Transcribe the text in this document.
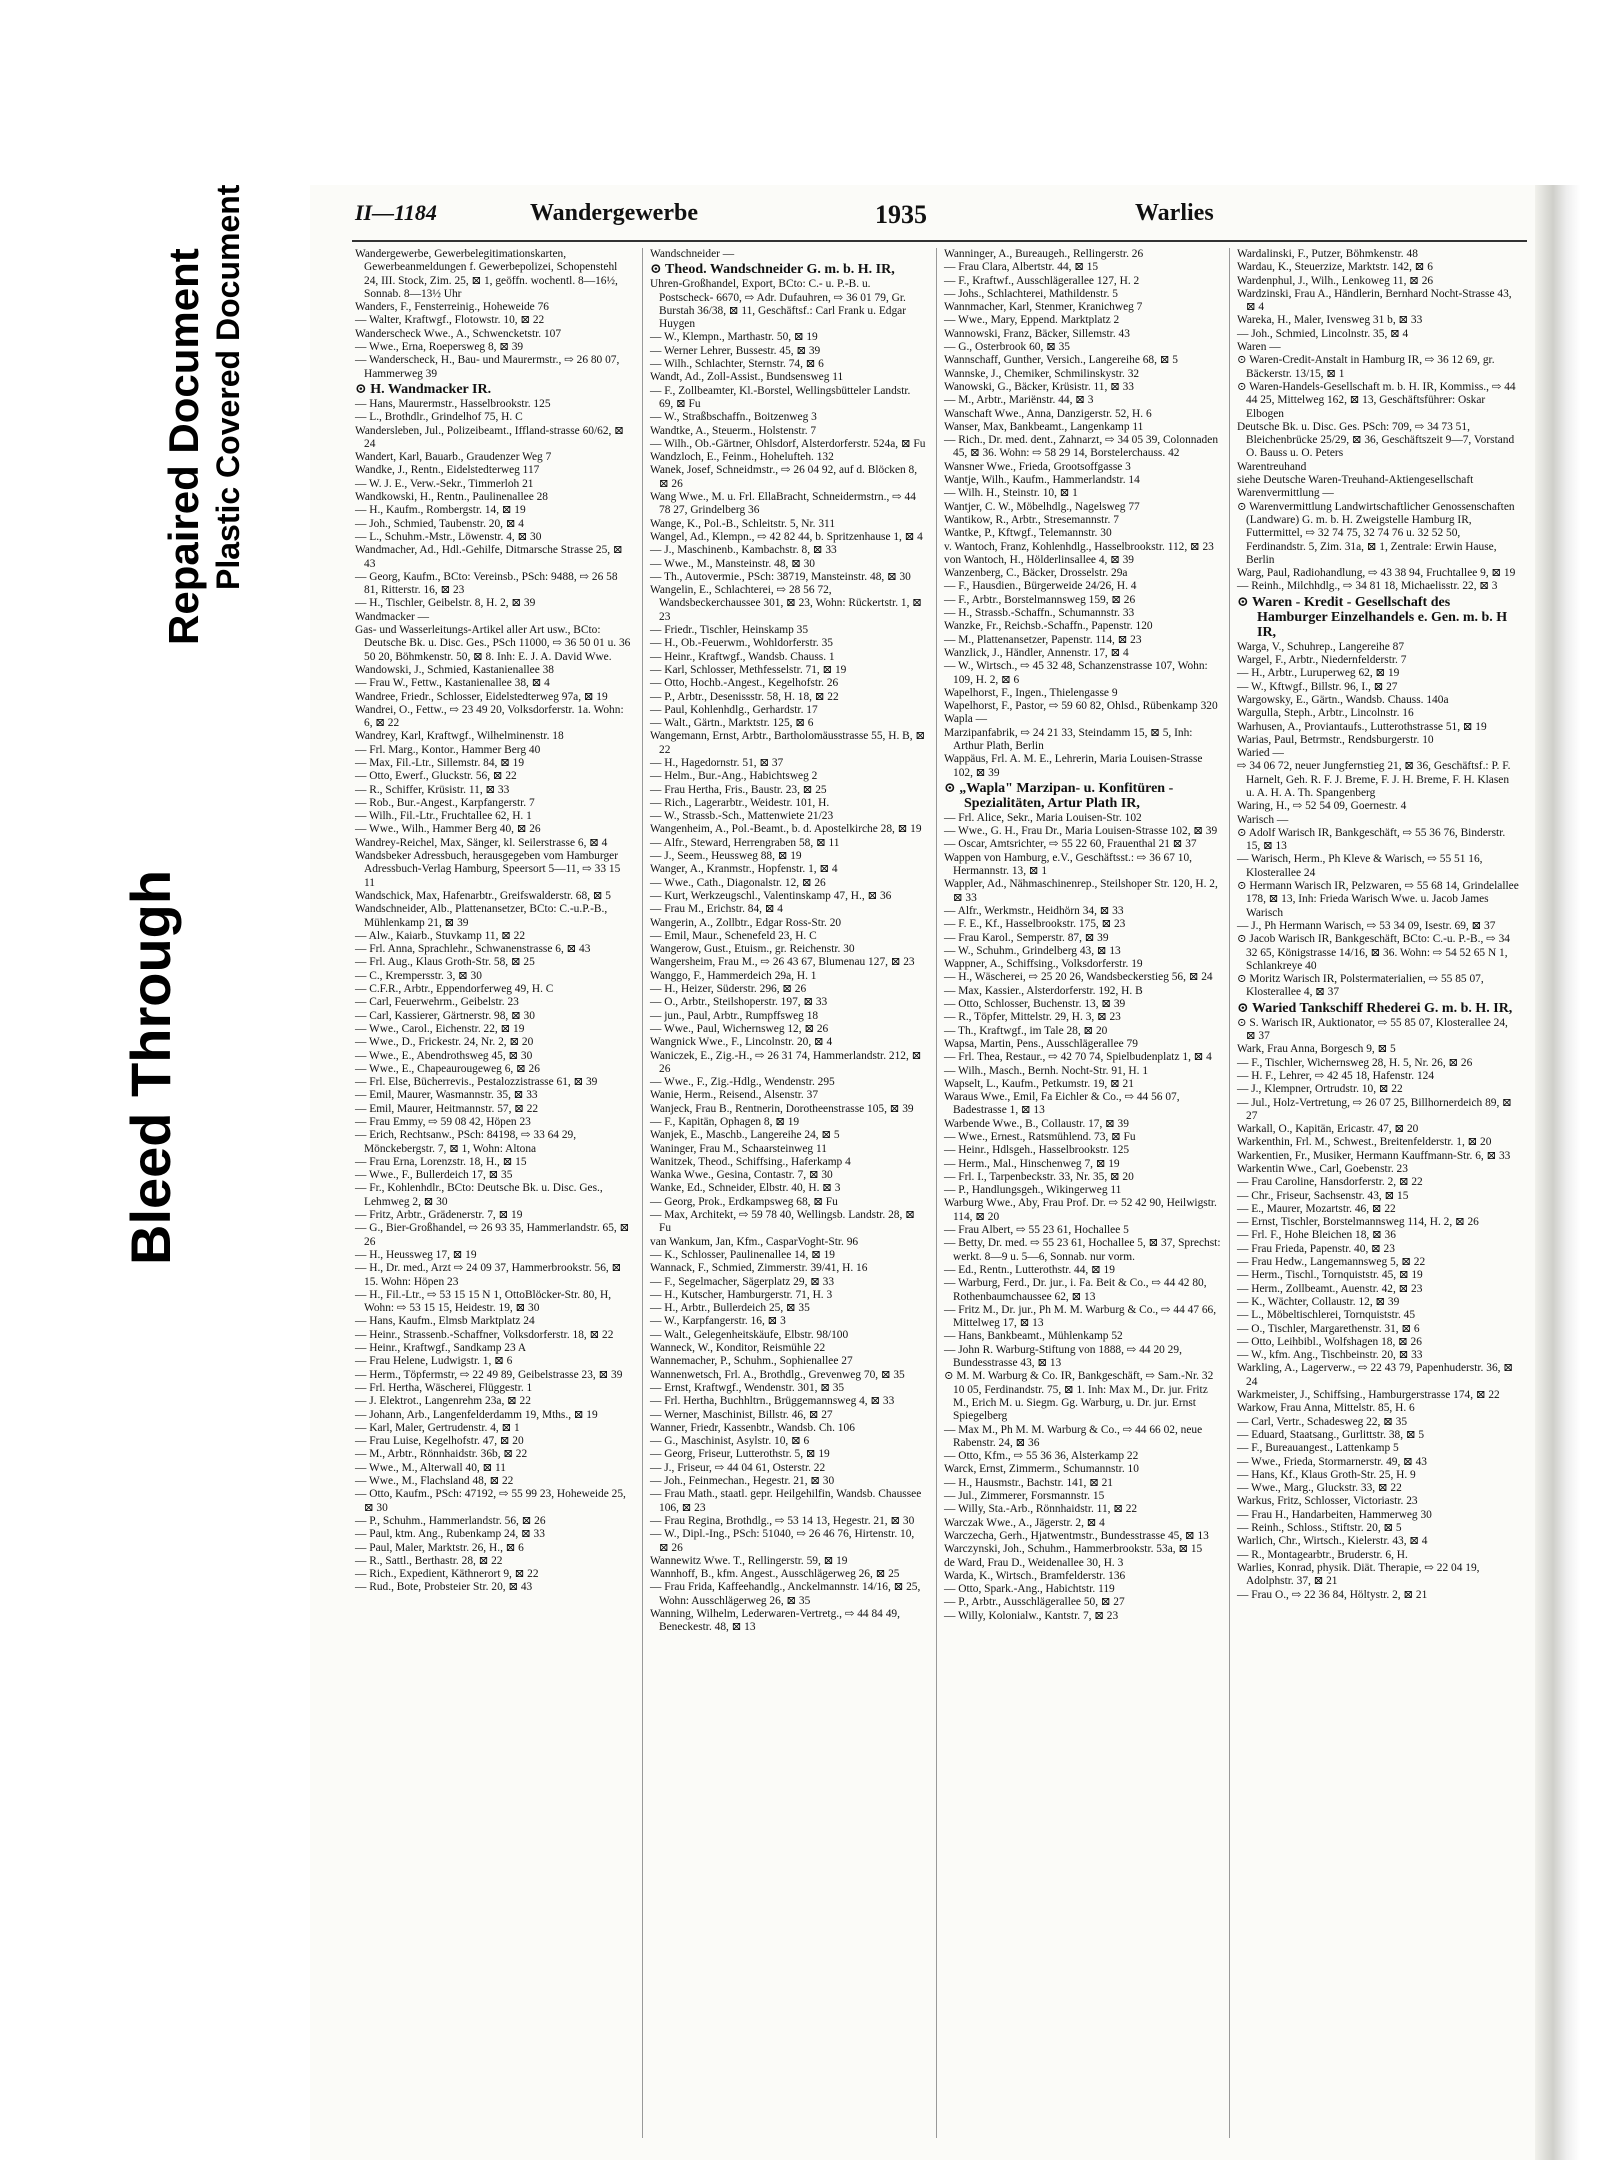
Bleed Through
Repaired Document Plastic Covered Document	II—1184	Wandergewerbe	1935	Warlies

Wandergewerbe, Gewerbelegitimationskarten, Gewerbeanmeldungen f. Gewerbepolizei, Schopenstehl 24, III. Stock, Zim. 25, ⊠ 1, geöffn. wochentl. 8—16½, Sonnab. 8—13½ Uhr

Wanders, F., Fensterreinig., Hoheweide 76

— Walter, Kraftwgf., Flotowstr. 10, ⊠ 22

Wanderscheck Wwe., A., Schwencketstr. 107

— Wwe., Erna, Roepersweg 8, ⊠ 39

— Wanderscheck, H., Bau- und Maurermstr., ⇨ 26 80 07, Hammerweg 39

⊙ H. Wandmacker IR.

— Hans, Maurermstr., Hasselbrookstr. 125

— L., Brothdlr., Grindelhof 75, H. C

Wandersleben, Jul., Polizeibeamt., Iffland-strasse 60/62, ⊠ 24

Wandert, Karl, Bauarb., Graudenzer Weg 7

Wandke, J., Rentn., Eidelstedterweg 117

— W. J. E., Verw.-Sekr., Timmerloh 21

Wandkowski, H., Rentn., Paulinenallee 28

— H., Kaufm., Rombergstr. 14, ⊠ 19

— Joh., Schmied, Taubenstr. 20, ⊠ 4

— L., Schuhm.-Mstr., Löwenstr. 4, ⊠ 30

Wandmacher, Ad., Hdl.-Gehilfe, Ditmarsche Strasse 25, ⊠ 43

— Georg, Kaufm., BCto: Vereinsb., PSch: 9488, ⇨ 26 58 81, Ritterstr. 16, ⊠ 23

— H., Tischler, Geibelstr. 8, H. 2, ⊠ 39

Wandmacker —

Gas- und Wasserleitungs-Artikel aller Art usw., BCto: Deutsche Bk. u. Disc. Ges., PSch 11000, ⇨ 36 50 01 u. 36 50 20, Böhmkenstr. 50, ⊠ 8. Inh: E. J. A. David Wwe.

Wandowski, J., Schmied, Kastanienallee 38

— Frau W., Fettw., Kastanienallee 38, ⊠ 4

Wandree, Friedr., Schlosser, Eidelstedterweg 97a, ⊠ 19

Wandrei, O., Fettw., ⇨ 23 49 20, Volksdorferstr. 1a. Wohn: 6, ⊠ 22

Wandrey, Karl, Kraftwgf., Wilhelminenstr. 18

— Frl. Marg., Kontor., Hammer Berg 40

— Max, Fil.-Ltr., Sillemstr. 84, ⊠ 19

— Otto, Ewerf., Gluckstr. 56, ⊠ 22

— R., Schiffer, Krüsistr. 11, ⊠ 33

— Rob., Bur.-Angest., Karpfangerstr. 7

— Wilh., Fil.-Ltr., Fruchtallee 62, H. 1

— Wwe., Wilh., Hammer Berg 40, ⊠ 26

Wandrey-Reichel, Max, Sänger, kl. Seilerstrasse 6, ⊠ 4

Wandsbeker Adressbuch, herausgegeben vom Hamburger Adressbuch-Verlag Hamburg, Speersort 5—11, ⇨ 33 15 11

Wandschick, Max, Hafenarbtr., Greifswalderstr. 68, ⊠ 5

Wandschneider, Alb., Plattenansetzer, BCto: C.-u.P.-B., Mühlenkamp 21, ⊠ 39

— Alw., Kaiarb., Stuvkamp 11, ⊠ 22

— Frl. Anna, Sprachlehr., Schwanenstrasse 6, ⊠ 43

— Frl. Aug., Klaus Groth-Str. 58, ⊠ 25

— C., Krempersstr. 3, ⊠ 30

— C.F.R., Arbtr., Eppendorferweg 49, H. C

— Carl, Feuerwehrm., Geibelstr. 23

— Carl, Kassierer, Gärtnerstr. 98, ⊠ 30

— Wwe., Carol., Eichenstr. 22, ⊠ 19

— Wwe., D., Frickestr. 24, Nr. 2, ⊠ 20

— Wwe., E., Abendrothsweg 45, ⊠ 30

— Wwe., E., Chapeaurougeweg 6, ⊠ 26

— Frl. Else, Bücherrevis., Pestalozzistrasse 61, ⊠ 39

— Emil, Maurer, Wasmannstr. 35, ⊠ 33

— Emil, Maurer, Heitmannstr. 57, ⊠ 22

— Frau Emmy, ⇨ 59 08 42, Höpen 23

— Erich, Rechtsanw., PSch: 84198, ⇨ 33 64 29, Mönckebergstr. 7, ⊠ 1, Wohn: Altona

— Frau Erna, Lorenzstr. 18, H., ⊠ 15

— Wwe., F., Bullerdeich 17, ⊠ 35

— Fr., Kohlenhdlr., BCto: Deutsche Bk. u. Disc. Ges., Lehmweg 2, ⊠ 30

— Fritz, Arbtr., Grädenerstr. 7, ⊠ 19

— G., Bier-Großhandel, ⇨ 26 93 35, Hammerlandstr. 65, ⊠ 26

— H., Heussweg 17, ⊠ 19

— H., Dr. med., Arzt ⇨ 24 09 37, Hammerbrookstr. 56, ⊠ 15. Wohn: Höpen 23

— H., Fil.-Ltr., ⇨ 53 15 15 N 1, OttoBlöcker-Str. 80, H, Wohn: ⇨ 53 15 15, Heidestr. 19, ⊠ 30

— Hans, Kaufm., Elmsb Marktplatz 24

— Heinr., Strassenb.-Schaffner, Volksdorferstr. 18, ⊠ 22

— Heinr., Kraftwgf., Sandkamp 23 A

— Frau Helene, Ludwigstr. 1, ⊠ 6

— Herm., Töpfermstr, ⇨ 22 49 89, Geibelstrasse 23, ⊠ 39

— Frl. Hertha, Wäscherei, Flüggestr. 1

— J. Elektrot., Langenrehm 23a, ⊠ 22

— Johann, Arb., Langenfelderdamm 19, Mths., ⊠ 19

— Karl, Maler, Gertrudenstr. 4, ⊠ 1

— Frau Luise, Kegelhofstr. 47, ⊠ 20

— M., Arbtr., Rönnhaidstr. 36b, ⊠ 22

— Wwe., M., Alterwall 40, ⊠ 11

— Wwe., M., Flachsland 48, ⊠ 22

— Otto, Kaufm., PSch: 47192, ⇨ 55 99 23, Hoheweide 25, ⊠ 30

— P., Schuhm., Hammerlandstr. 56, ⊠ 26

— Paul, ktm. Ang., Rubenkamp 24, ⊠ 33

— Paul, Maler, Marktstr. 26, H., ⊠ 6

— R., Sattl., Berthastr. 28, ⊠ 22

— Rich., Expedient, Käthnerort 9, ⊠ 22

— Rud., Bote, Probsteier Str. 20, ⊠ 43

Wandschneider —

⊙ Theod. Wandschneider G. m. b. H. IR,

Uhren-Großhandel, Export, BCto: C.- u. P.-B. u. Postscheck- 6670, ⇨ Adr. Dufauhren, ⇨ 36 01 79, Gr. Burstah 36/38, ⊠ 11, Geschäftsf.: Carl Frank u. Edgar Huygen

— W., Klempn., Marthastr. 50, ⊠ 19

— Werner Lehrer, Bussestr. 45, ⊠ 39

— Wilh., Schlachter, Sternstr. 74, ⊠ 6

Wandt, Ad., Zoll-Assist., Bundsensweg 11

— F., Zollbeamter, Kl.-Borstel, Wellingsbütteler Landstr. 69, ⊠ Fu

— W., Straßbschaffn., Boitzenweg 3

Wandtke, A., Steuerm., Holstenstr. 7

— Wilh., Ob.-Gärtner, Ohlsdorf, Alsterdorferstr. 524a, ⊠ Fu

Wandzloch, E., Feinm., Hohelufteh. 132

Wanek, Josef, Schneidmstr., ⇨ 26 04 92, auf d. Blöcken 8, ⊠ 26

Wang Wwe., M. u. Frl. EllaBracht, Schneidermstrn., ⇨ 44 78 27, Grindelberg 36

Wange, K., Pol.-B., Schleitstr. 5, Nr. 311

Wangel, Ad., Klempn., ⇨ 42 82 44, b. Spritzenhause 1, ⊠ 4

— J., Maschinenb., Kambachstr. 8, ⊠ 33

— Wwe., M., Mansteinstr. 48, ⊠ 30

— Th., Autovermie., PSch: 38719, Mansteinstr. 48, ⊠ 30

Wangelin, E., Schlachterei, ⇨ 28 56 72, Wandsbeckerchaussee 301, ⊠ 23, Wohn: Rückertstr. 1, ⊠ 23

— Friedr., Tischler, Heinskamp 35

— H., Ob.-Feuerwm., Wohldorferstr. 35

— Heinr., Kraftwgf., Wandsb. Chauss. 1

— Karl, Schlosser, Methfesselstr. 71, ⊠ 19

— Otto, Hochb.-Angest., Kegelhofstr. 26

— P., Arbtr., Desenissstr. 58, H. 18, ⊠ 22

— Paul, Kohlenhdlg., Gerhardstr. 17

— Walt., Gärtn., Marktstr. 125, ⊠ 6

Wangemann, Ernst, Arbtr., Bartholomäusstrasse 55, H. B, ⊠ 22

— H., Hagedornstr. 51, ⊠ 37

— Helm., Bur.-Ang., Habichtsweg 2

— Frau Hertha, Fris., Baustr. 23, ⊠ 25

— Rich., Lagerarbtr., Weidestr. 101, H.

— W., Strassb.-Sch., Mattenwiete 21/23

Wangenheim, A., Pol.-Beamt., b. d. Apostelkirche 28, ⊠ 19

— Alfr., Steward, Herrengraben 58, ⊠ 11

— J., Seem., Heussweg 88, ⊠ 19

Wanger, A., Kranmstr., Hopfenstr. 1, ⊠ 4

— Wwe., Cath., Diagonalstr. 12, ⊠ 26

— Kurt, Werkzeugschl., Valentinskamp 47, H., ⊠ 36

— Frau M., Erichstr. 84, ⊠ 4

Wangerin, A., Zollbtr., Edgar Ross-Str. 20

— Emil, Maur., Schenefeld 23, H. C

Wangerow, Gust., Etuism., gr. Reichenstr. 30

Wangersheim, Frau M., ⇨ 26 43 67, Blumenau 127, ⊠ 23

Wanggo, F., Hammerdeich 29a, H. 1

— H., Heizer, Süderstr. 296, ⊠ 26

— O., Arbtr., Steilshoperstr. 197, ⊠ 33

— jun., Paul, Arbtr., Rumpffsweg 18

— Wwe., Paul, Wichernsweg 12, ⊠ 26

Wangnick Wwe., F., Lincolnstr. 20, ⊠ 4

Waniczek, E., Zig.-H., ⇨ 26 31 74, Hammerlandstr. 212, ⊠ 26

— Wwe., F., Zig.-Hdlg., Wendenstr. 295

Wanie, Herm., Reisend., Alsenstr. 37

Wanjeck, Frau B., Rentnerin, Dorotheenstrasse 105, ⊠ 39

— F., Kapitän, Ophagen 8, ⊠ 19

Wanjek, E., Maschb., Langereihe 24, ⊠ 5

Waninger, Frau M., Schaarsteinweg 11

Wanitzek, Theod., Schiffsing., Haferkamp 4

Wanka Wwe., Gesina, Contastr. 7, ⊠ 30

Wanke, Ed., Schneider, Elbstr. 40, H. ⊠ 3

— Georg, Prok., Erdkampsweg 68, ⊠ Fu

— Max, Architekt, ⇨ 59 78 40, Wellingsb. Landstr. 28, ⊠ Fu

van Wankum, Jan, Kfm., CasparVoght-Str. 96

— K., Schlosser, Paulinenallee 14, ⊠ 19

Wannack, F., Schmied, Zimmerstr. 39/41, H. 16

— F., Segelmacher, Sägerplatz 29, ⊠ 33

— H., Kutscher, Hamburgerstr. 71, H. 3

— H., Arbtr., Bullerdeich 25, ⊠ 35

— W., Karpfangerstr. 16, ⊠ 3

— Walt., Gelegenheitskäufe, Elbstr. 98/100

Wanneck, W., Konditor, Reismühle 22

Wannemacher, P., Schuhm., Sophienallee 27

Wannenwetsch, Frl. A., Brothdlg., Grevenweg 70, ⊠ 35

— Ernst, Kraftwgf., Wendenstr. 301, ⊠ 35

— Frl. Hertha, Buchhltrn., Brüggemannsweg 4, ⊠ 33

— Werner, Maschinist, Billstr. 46, ⊠ 27

Wanner, Friedr, Kassenbtr., Wandsb. Ch. 106

— G., Maschinist, Asylstr. 10, ⊠ 6

— Georg, Friseur, Lutterothstr. 5, ⊠ 19

— J., Friseur, ⇨ 44 04 61, Osterstr. 22

— Joh., Feinmechan., Hegestr. 21, ⊠ 30

— Frau Math., staatl. gepr. Heilgehilfin, Wandsb. Chaussee 106, ⊠ 23

— Frau Regina, Brothdlg., ⇨ 53 14 13, Hegestr. 21, ⊠ 30

— W., Dipl.-Ing., PSch: 51040, ⇨ 26 46 76, Hirtenstr. 10, ⊠ 26

Wannewitz Wwe. T., Rellingerstr. 59, ⊠ 19

Wannhoff, B., kfm. Angest., Ausschlägerweg 26, ⊠ 25

— Frau Frida, Kaffeehandlg., Anckelmannstr. 14/16, ⊠ 25, Wohn: Ausschlägerweg 26, ⊠ 35

Wanning, Wilhelm, Lederwaren-Vertretg., ⇨ 44 84 49, Beneckestr. 48, ⊠ 13

Wanninger, A., Bureaugeh., Rellingerstr. 26

— Frau Clara, Albertstr. 44, ⊠ 15

— F., Kraftwf., Ausschlägerallee 127, H. 2

— Johs., Schlachterei, Mathildenstr. 5

Wannmacher, Karl, Stenmer, Kranichweg 7

— Wwe., Mary, Eppend. Marktplatz 2

Wannowski, Franz, Bäcker, Sillemstr. 43

— G., Osterbrook 60, ⊠ 35

Wannschaff, Gunther, Versich., Langereihe 68, ⊠ 5

Wannske, J., Chemiker, Schmilinskystr. 32

Wanowski, G., Bäcker, Krüsistr. 11, ⊠ 33

— M., Arbtr., Mariënstr. 44, ⊠ 3

Wanschaft Wwe., Anna, Danzigerstr. 52, H. 6

Wanser, Max, Bankbeamt., Langenkamp 11

— Rich., Dr. med. dent., Zahnarzt, ⇨ 34 05 39, Colonnaden 45, ⊠ 36. Wohn: ⇨ 58 29 14, Borstelerchauss. 42

Wansner Wwe., Frieda, Grootsoffgasse 3

Wantje, Wilh., Kaufm., Hammerlandstr. 14

— Wilh. H., Steinstr. 10, ⊠ 1

Wantjer, C. W., Möbelhdlg., Nagelsweg 77

Wantikow, R., Arbtr., Stresemannstr. 7

Wantke, P., Kftwgf., Telemannstr. 30

v. Wantoch, Franz, Kohlenhdlg., Hasselbrookstr. 112, ⊠ 23

von Wantoch, H., Hölderlinsallee 4, ⊠ 39

Wanzenberg, C., Bäcker, Drosselstr. 29a

— F., Hausdien., Bürgerweide 24/26, H. 4

— F., Arbtr., Borstelmannsweg 159, ⊠ 26

— H., Strassb.-Schaffn., Schumannstr. 33

Wanzke, Fr., Reichsb.-Schaffn., Papenstr. 120

— M., Plattenansetzer, Papenstr. 114, ⊠ 23

Wanzlick, J., Händler, Annenstr. 17, ⊠ 4

— W., Wirtsch., ⇨ 45 32 48, Schanzenstrasse 107, Wohn: 109, H. 2, ⊠ 6

Wapelhorst, F., Ingen., Thielengasse 9

Wapelhorst, F., Pastor, ⇨ 59 60 82, Ohlsd., Rübenkamp 320

Wapla —

Marzipanfabrik, ⇨ 24 21 33, Steindamm 15, ⊠ 5, Inh: Arthur Plath, Berlin

Wappäus, Frl. A. M. E., Lehrerin, Maria Louisen-Strasse 102, ⊠ 39

⊙ „Wapla" Marzipan- u. Konfitüren - Spezialitäten, Artur Plath IR,

— Frl. Alice, Sekr., Maria Louisen-Str. 102

— Wwe., G. H., Frau Dr., Maria Louisen-Strasse 102, ⊠ 39

— Oscar, Amtsrichter, ⇨ 55 22 60, Frauenthal 21 ⊠ 37

Wappen von Hamburg, e.V., Geschäftsst.: ⇨ 36 67 10, Hermannstr. 13, ⊠ 1

Wappler, Ad., Nähmaschinenrep., Steilshoper Str. 120, H. 2, ⊠ 33

— Alfr., Werkmstr., Heidhörn 34, ⊠ 33

— F. E., Kf., Hasselbrookstr. 175, ⊠ 23

— Frau Karol., Semperstr. 87, ⊠ 39

— W., Schuhm., Grindelberg 43, ⊠ 13

Wappner, A., Schiffsing., Volksdorferstr. 19

— H., Wäscherei, ⇨ 25 20 26, Wandsbeckerstieg 56, ⊠ 24

— Max, Kassier., Alsterdorferstr. 192, H. B

— Otto, Schlosser, Buchenstr. 13, ⊠ 39

— R., Töpfer, Mittelstr. 29, H. 3, ⊠ 23

— Th., Kraftwgf., im Tale 28, ⊠ 20

Wapsa, Martin, Pens., Ausschlägerallee 79

— Frl. Thea, Restaur., ⇨ 42 70 74, Spielbudenplatz 1, ⊠ 4

— Wilh., Masch., Bernh. Nocht-Str. 91, H. 1

Wapselt, L., Kaufm., Petkumstr. 19, ⊠ 21

Waraus Wwe., Emil, Fa Eichler & Co., ⇨ 44 56 07, Badestrasse 1, ⊠ 13

Warbende Wwe., B., Collaustr. 17, ⊠ 39

— Wwe., Ernest., Ratsmühlend. 73, ⊠ Fu

— Heinr., Hdlsgeh., Hasselbrookstr. 125

— Herm., Mal., Hinschenweg 7, ⊠ 19

— Frl. I., Tarpenbeckstr. 33, Nr. 35, ⊠ 20

— P., Handlungsgeh., Wikingerweg 11

Warburg Wwe., Aby, Frau Prof. Dr. ⇨ 52 42 90, Heilwigstr. 114, ⊠ 20

— Frau Albert, ⇨ 55 23 61, Hochallee 5

— Betty, Dr. med. ⇨ 55 23 61, Hochallee 5, ⊠ 37, Sprechst: werkt. 8—9 u. 5—6, Sonnab. nur vorm.

— Ed., Rentn., Lutterothstr. 44, ⊠ 19

— Warburg, Ferd., Dr. jur., i. Fa. Beit & Co., ⇨ 44 42 80, Rothenbaumchaussee 62, ⊠ 13

— Fritz M., Dr. jur., Ph M. M. Warburg & Co., ⇨ 44 47 66, Mittelweg 17, ⊠ 13

— Hans, Bankbeamt., Mühlenkamp 52

— John R. Warburg-Stiftung von 1888, ⇨ 44 20 29, Bundesstrasse 43, ⊠ 13

⊙ M. M. Warburg & Co. IR, Bankgeschäft, ⇨ Sam.-Nr. 32 10 05, Ferdinandstr. 75, ⊠ 1. Inh: Max M., Dr. jur. Fritz M., Erich M. u. Siegm. Gg. Warburg, u. Dr. jur. Ernst Spiegelberg

— Max M., Ph M. M. Warburg & Co., ⇨ 44 66 02, neue Rabenstr. 24, ⊠ 36

— Otto, Kfm., ⇨ 55 36 36, Alsterkamp 22

Warck, Ernst, Zimmerm., Schumannstr. 10

— H., Hausmstr., Bachstr. 141, ⊠ 21

— Jul., Zimmerer, Forsmannstr. 15

— Willy, Sta.-Arb., Rönnhaidstr. 11, ⊠ 22

Warczak Wwe., A., Jägerstr. 2, ⊠ 4

Warczecha, Gerh., Hjatwentmstr., Bundesstrasse 45, ⊠ 13

Warczynski, Joh., Schuhm., Hammerbrookstr. 53a, ⊠ 15

de Ward, Frau D., Weidenallee 30, H. 3

Warda, K., Wirtsch., Bramfelderstr. 136

— Otto, Spark.-Ang., Habichtstr. 119

— P., Arbtr., Ausschlägerallee 50, ⊠ 27

— Willy, Kolonialw., Kantstr. 7, ⊠ 23

Wardalinski, F., Putzer, Böhmkenstr. 48

Wardau, K., Steuerzize, Marktstr. 142, ⊠ 6

Wardenphul, J., Wilh., Lenkoweg 11, ⊠ 26

Wardzinski, Frau A., Händlerin, Bernhard Nocht-Strasse 43, ⊠ 4

Wareka, H., Maler, Ivensweg 31 b, ⊠ 33

— Joh., Schmied, Lincolnstr. 35, ⊠ 4

Waren —

⊙ Waren-Credit-Anstalt in Hamburg IR, ⇨ 36 12 69, gr. Bäckerstr. 13/15, ⊠ 1

⊙ Waren-Handels-Gesellschaft m. b. H. IR, Kommiss., ⇨ 44 44 25, Mittelweg 162, ⊠ 13, Geschäftsführer: Oskar Elbogen

Deutsche Bk. u. Disc. Ges. PSch: 709, ⇨ 34 73 51, Bleichenbrücke 25/29, ⊠ 36, Geschäftszeit 9—7, Vorstand O. Bauss u. O. Peters

Warentreuhand

siehe Deutsche Waren-Treuhand-Aktiengesellschaft

Warenvermittlung —

⊙ Warenvermittlung Landwirtschaftlicher Genossenschaften (Landware) G. m. b. H. Zweigstelle Hamburg IR, Futtermittel, ⇨ 32 74 75, 32 74 76 u. 32 52 50, Ferdinandstr. 5, Zim. 31a, ⊠ 1, Zentrale: Erwin Hause, Berlin

Warg, Paul, Radiohandlung, ⇨ 43 38 94, Fruchtallee 9, ⊠ 19

— Reinh., Milchhdlg., ⇨ 34 81 18, Michaelisstr. 22, ⊠ 3

⊙ Waren - Kredit - Gesellschaft des Hamburger Einzelhandels e. Gen. m. b. H IR,

Warga, V., Schuhrep., Langereihe 87

Wargel, F., Arbtr., Niedernfelderstr. 7

— H., Arbtr., Luruperweg 62, ⊠ 19

— W., Kftwgf., Billstr. 96, I., ⊠ 27

Wargowsky, E., Gärtn., Wandsb. Chauss. 140a

Wargulla, Steph., Arbtr., Lincolnstr. 16

Warhusen, A., Proviantaufs., Lutterothstrasse 51, ⊠ 19

Warias, Paul, Betrmstr., Rendsburgerstr. 10

Waried —

⇨ 34 06 72, neuer Jungfernstieg 21, ⊠ 36, Geschäftsf.: P. F. Harnelt, Geh. R. F. J. Breme, F. J. H. Breme, F. H. Klasen u. A. H. A. Th. Spangenberg

Waring, H., ⇨ 52 54 09, Goernestr. 4

Warisch —

⊙ Adolf Warisch IR, Bankgeschäft, ⇨ 55 36 76, Binderstr. 15, ⊠ 13

— Warisch, Herm., Ph Kleve & Warisch, ⇨ 55 51 16, Klosterallee 24

⊙ Hermann Warisch IR, Pelzwaren, ⇨ 55 68 14, Grindelallee 178, ⊠ 13, Inh: Frieda Warisch Wwe. u. Jacob James Warisch

— J., Ph Hermann Warisch, ⇨ 53 34 09, Isestr. 69, ⊠ 37

⊙ Jacob Warisch IR, Bankgeschäft, BCto: C.-u. P.-B., ⇨ 34 32 65, Königstrasse 14/16, ⊠ 36. Wohn: ⇨ 54 52 65 N 1, Schlankreye 40

⊙ Moritz Warisch IR, Polstermaterialien, ⇨ 55 85 07, Klosterallee 4, ⊠ 37

⊙ Waried Tankschiff Rhederei G. m. b. H. IR,

⊙ S. Warisch IR, Auktionator, ⇨ 55 85 07, Klosterallee 24, ⊠ 37

Wark, Frau Anna, Borgesch 9, ⊠ 5

— F., Tischler, Wichernsweg 28, H. 5, Nr. 26, ⊠ 26

— H. F., Lehrer, ⇨ 42 45 18, Hafenstr. 124

— J., Klempner, Ortrudstr. 10, ⊠ 22

— Jul., Holz-Vertretung, ⇨ 26 07 25, Billhornerdeich 89, ⊠ 27

Warkall, O., Kapitän, Ericastr. 47, ⊠ 20

Warkenthin, Frl. M., Schwest., Breitenfelderstr. 1, ⊠ 20

Warkentien, Fr., Musiker, Hermann Kauffmann-Str. 6, ⊠ 33

Warkentin Wwe., Carl, Goebenstr. 23

— Frau Caroline, Hansdorferstr. 2, ⊠ 22

— Chr., Friseur, Sachsenstr. 43, ⊠ 15

— E., Maurer, Mozartstr. 46, ⊠ 22

— Ernst, Tischler, Borstelmannsweg 114, H. 2, ⊠ 26

— Frl. F., Hohe Bleichen 18, ⊠ 36

— Frau Frieda, Papenstr. 40, ⊠ 23

— Frau Hedw., Langemannsweg 5, ⊠ 22

— Herm., Tischl., Tornquiststr. 45, ⊠ 19

— Herm., Zollbeamt., Auenstr. 42, ⊠ 23

— K., Wächter, Collaustr. 12, ⊠ 39

— L., Möbeltischlerei, Tornquiststr. 45

— O., Tischler, Margarethenstr. 31, ⊠ 6

— Otto, Leihbibl., Wolfshagen 18, ⊠ 26

— W., kfm. Ang., Tischbeinstr. 20, ⊠ 33

Warkling, A., Lagerverw., ⇨ 22 43 79, Papenhuderstr. 36, ⊠ 24

Warkmeister, J., Schiffsing., Hamburgerstrasse 174, ⊠ 22

Warkow, Frau Anna, Mittelstr. 85, H. 6

— Carl, Vertr., Schadesweg 22, ⊠ 35

— Eduard, Staatsang., Gurlittstr. 38, ⊠ 5

— F., Bureauangest., Lattenkamp 5

— Wwe., Frieda, Stormarnerstr. 49, ⊠ 43

— Hans, Kf., Klaus Groth-Str. 25, H. 9

— Wwe., Marg., Gluckstr. 33, ⊠ 22

Warkus, Fritz, Schlosser, Victoriastr. 23

— Frau H., Handarbeiten, Hammerweg 30

— Reinh., Schloss., Stiftstr. 20, ⊠ 5

Warlich, Chr., Wirtsch., Kielerstr. 43, ⊠ 4

— R., Montagearbtr., Bruderstr. 6, H.

Warlies, Konrad, physik. Diät. Therapie, ⇨ 22 04 19, Adolphstr. 37, ⊠ 21

— Frau O., ⇨ 22 36 84, Höltystr. 2, ⊠ 21
